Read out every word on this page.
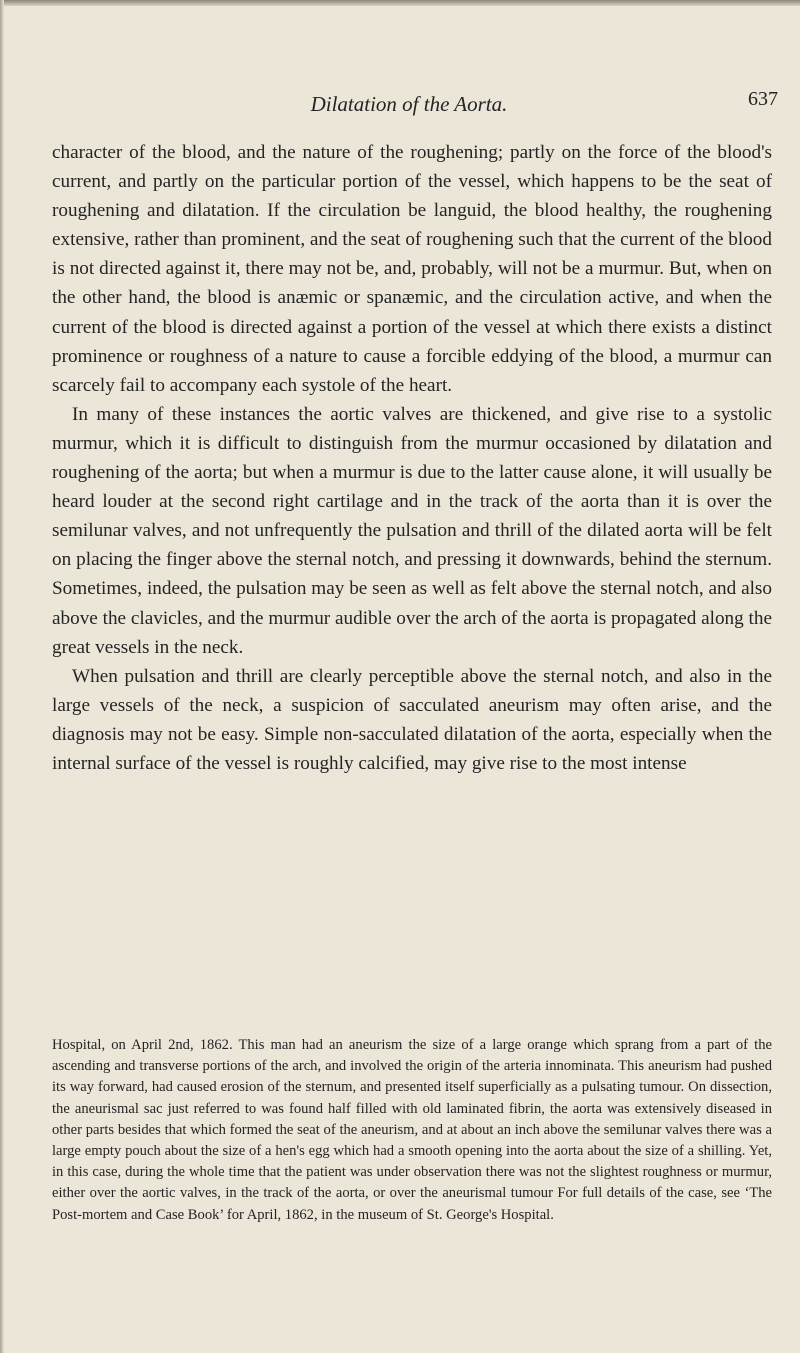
Dilatation of the Aorta.	637

character of the blood, and the nature of the roughening; partly on the force of the blood's current, and partly on the particular portion of the vessel, which happens to be the seat of roughening and dilatation. If the circulation be languid, the blood healthy, the roughening extensive, rather than prominent, and the seat of roughening such that the current of the blood is not directed against it, there may not be, and, probably, will not be a murmur. But, when on the other hand, the blood is anæmic or spanæmic, and the circulation active, and when the current of the blood is directed against a portion of the vessel at which there exists a distinct prominence or roughness of a nature to cause a forcible eddying of the blood, a murmur can scarcely fail to accompany each systole of the heart.

In many of these instances the aortic valves are thickened, and give rise to a systolic murmur, which it is difficult to distinguish from the murmur occasioned by dilatation and roughening of the aorta; but when a murmur is due to the latter cause alone, it will usually be heard louder at the second right cartilage and in the track of the aorta than it is over the semilunar valves, and not unfrequently the pulsation and thrill of the dilated aorta will be felt on placing the finger above the sternal notch, and pressing it downwards, behind the sternum. Sometimes, indeed, the pulsation may be seen as well as felt above the sternal notch, and also above the clavicles, and the murmur audible over the arch of the aorta is propagated along the great vessels in the neck.

When pulsation and thrill are clearly perceptible above the sternal notch, and also in the large vessels of the neck, a suspicion of sacculated aneurism may often arise, and the diagnosis may not be easy. Simple non-sacculated dilatation of the aorta, especially when the internal surface of the vessel is roughly calcified, may give rise to the most intense

Hospital, on April 2nd, 1862. This man had an aneurism the size of a large orange which sprang from a part of the ascending and transverse portions of the arch, and involved the origin of the arteria innominata. This aneurism had pushed its way forward, had caused erosion of the sternum, and presented itself superficially as a pulsating tumour. On dissection, the aneurismal sac just referred to was found half filled with old laminated fibrin, the aorta was extensively diseased in other parts besides that which formed the seat of the aneurism, and at about an inch above the semilunar valves there was a large empty pouch about the size of a hen's egg which had a smooth opening into the aorta about the size of a shilling. Yet, in this case, during the whole time that the patient was under observation there was not the slightest roughness or murmur, either over the aortic valves, in the track of the aorta, or over the aneurismal tumour For full details of the case, see ‘The Post-mortem and Case Book’ for April, 1862, in the museum of St. George's Hospital.
